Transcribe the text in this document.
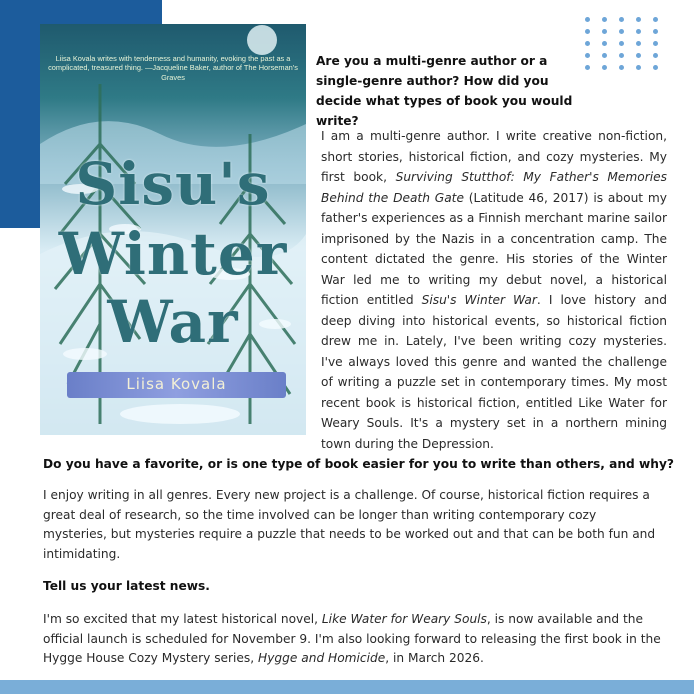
Liisa Kovala writes with tenderness and humanity, evoking the past as a complicated, treasured thing. —Jacqueline Baker, author of The Horseman's Graves
Sisu's
Winter
War
Liisa Kovala
Are you a multi-genre author or a single-genre author? How did you decide what types of book you would write?
I am a multi-genre author. I write creative non-fiction, short stories, historical fiction, and cozy mysteries. My first book, Surviving Stutthof: My Father's Memories Behind the Death Gate (Latitude 46, 2017) is about my father's experiences as a Finnish merchant marine sailor imprisoned by the Nazis in a concentration camp. The content dictated the genre. His stories of the Winter War led me to writing my debut novel, a historical fiction entitled Sisu's Winter War. I love history and deep diving into historical events, so historical fiction drew me in. Lately, I've been writing cozy mysteries. I've always loved this genre and wanted the challenge of writing a puzzle set in contemporary times. My most recent book is historical fiction, entitled Like Water for Weary Souls. It's a mystery set in a northern mining town during the Depression.
Do you have a favorite, or is one type of book easier for you to write than others, and why?
I enjoy writing in all genres. Every new project is a challenge. Of course, historical fiction requires a great deal of research, so the time involved can be longer than writing contemporary cozy mysteries, but mysteries require a puzzle that needs to be worked out and that can be both fun and intimidating.
Tell us your latest news.
I'm so excited that my latest historical novel, Like Water for Weary Souls, is now available and the official launch is scheduled for November 9. I'm also looking forward to releasing the first book in the Hygge House Cozy Mystery series, Hygge and Homicide, in March 2026.
